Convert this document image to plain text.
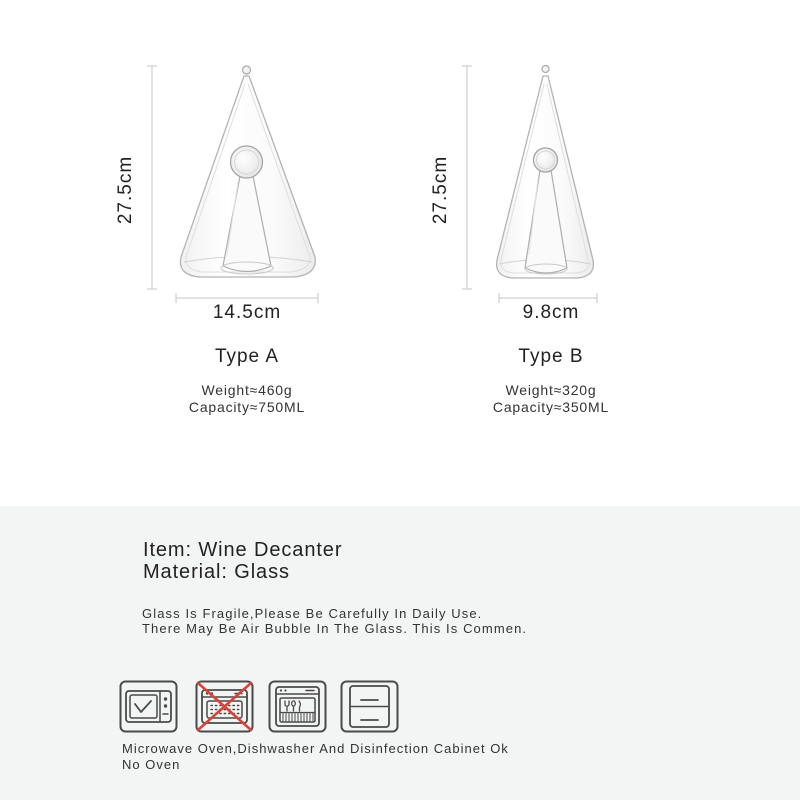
27.5cm	27.5cm
14.5cm
Type A
Weight≈460g
Capacity≈750ML
9.8cm
Type B
Weight≈320g
Capacity≈350ML
Item: Wine Decanter
Material: Glass
Glass Is Fragile,Please Be Carefully In Daily Use.
There May Be Air Bubble In The Glass. This Is Commen.
Microwave Oven,Dishwasher And Disinfection Cabinet Ok
No Oven
